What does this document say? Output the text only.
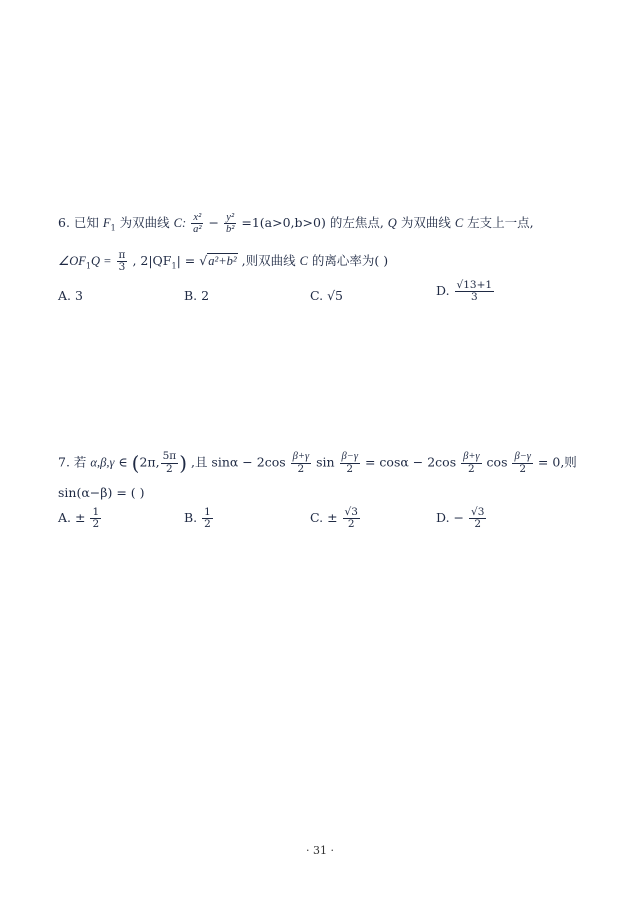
6. 已知 $F_1$ 为双曲线 C: $\frac{\text{x²}}{\text{a²}} - \frac{\text{y²}}{\text{b²}} =1(a>0,b>0)$ 的左焦点, Q 为双曲线 C 左支上一点,
$\angle OF_1Q = \frac{\pi}{3}$ , $2|QF_1| = √a^2+b^2$ ,则双曲线 C 的离心率为( )
A. 3	B. 2	C. √5	D. $\frac{√13+1}{3}$
7. 若 α,β,γ ∈ (2π, $\frac{5\pi}{2}$ ) ,且 $\sin\alpha - 2\cos \frac{\beta+\gamma}{2}$ $\sin \frac{\beta-\gamma}{2} = \cos\alpha - 2\cos \frac{\beta+\gamma}{2}$ $\cos \frac{\beta-\gamma}{2} = 0$,则
sin(α−β) = ( )
A. ± $\frac{1}{2}$	B. $\frac{1}{2}$	C. ± $\frac{√3}{2}$	D. − $\frac{√3}{2}$
· 31 ·
